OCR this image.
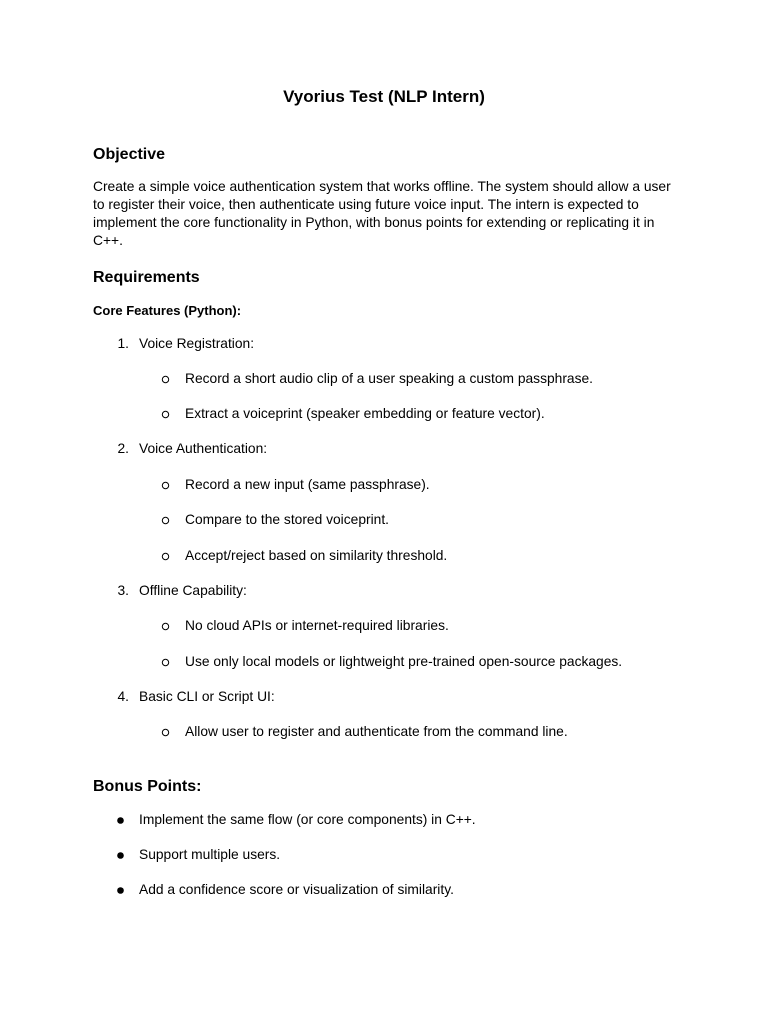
Vyorius Test (NLP Intern)
Objective
Create a simple voice authentication system that works offline. The system should allow a user to register their voice, then authenticate using future voice input. The intern is expected to implement the core functionality in Python, with bonus points for extending or replicating it in C++.
Requirements
Core Features (Python):
1. Voice Registration:
Record a short audio clip of a user speaking a custom passphrase.
Extract a voiceprint (speaker embedding or feature vector).
2. Voice Authentication:
Record a new input (same passphrase).
Compare to the stored voiceprint.
Accept/reject based on similarity threshold.
3. Offline Capability:
No cloud APIs or internet-required libraries.
Use only local models or lightweight pre-trained open-source packages.
4. Basic CLI or Script UI:
Allow user to register and authenticate from the command line.
Bonus Points:
Implement the same flow (or core components) in C++.
Support multiple users.
Add a confidence score or visualization of similarity.
